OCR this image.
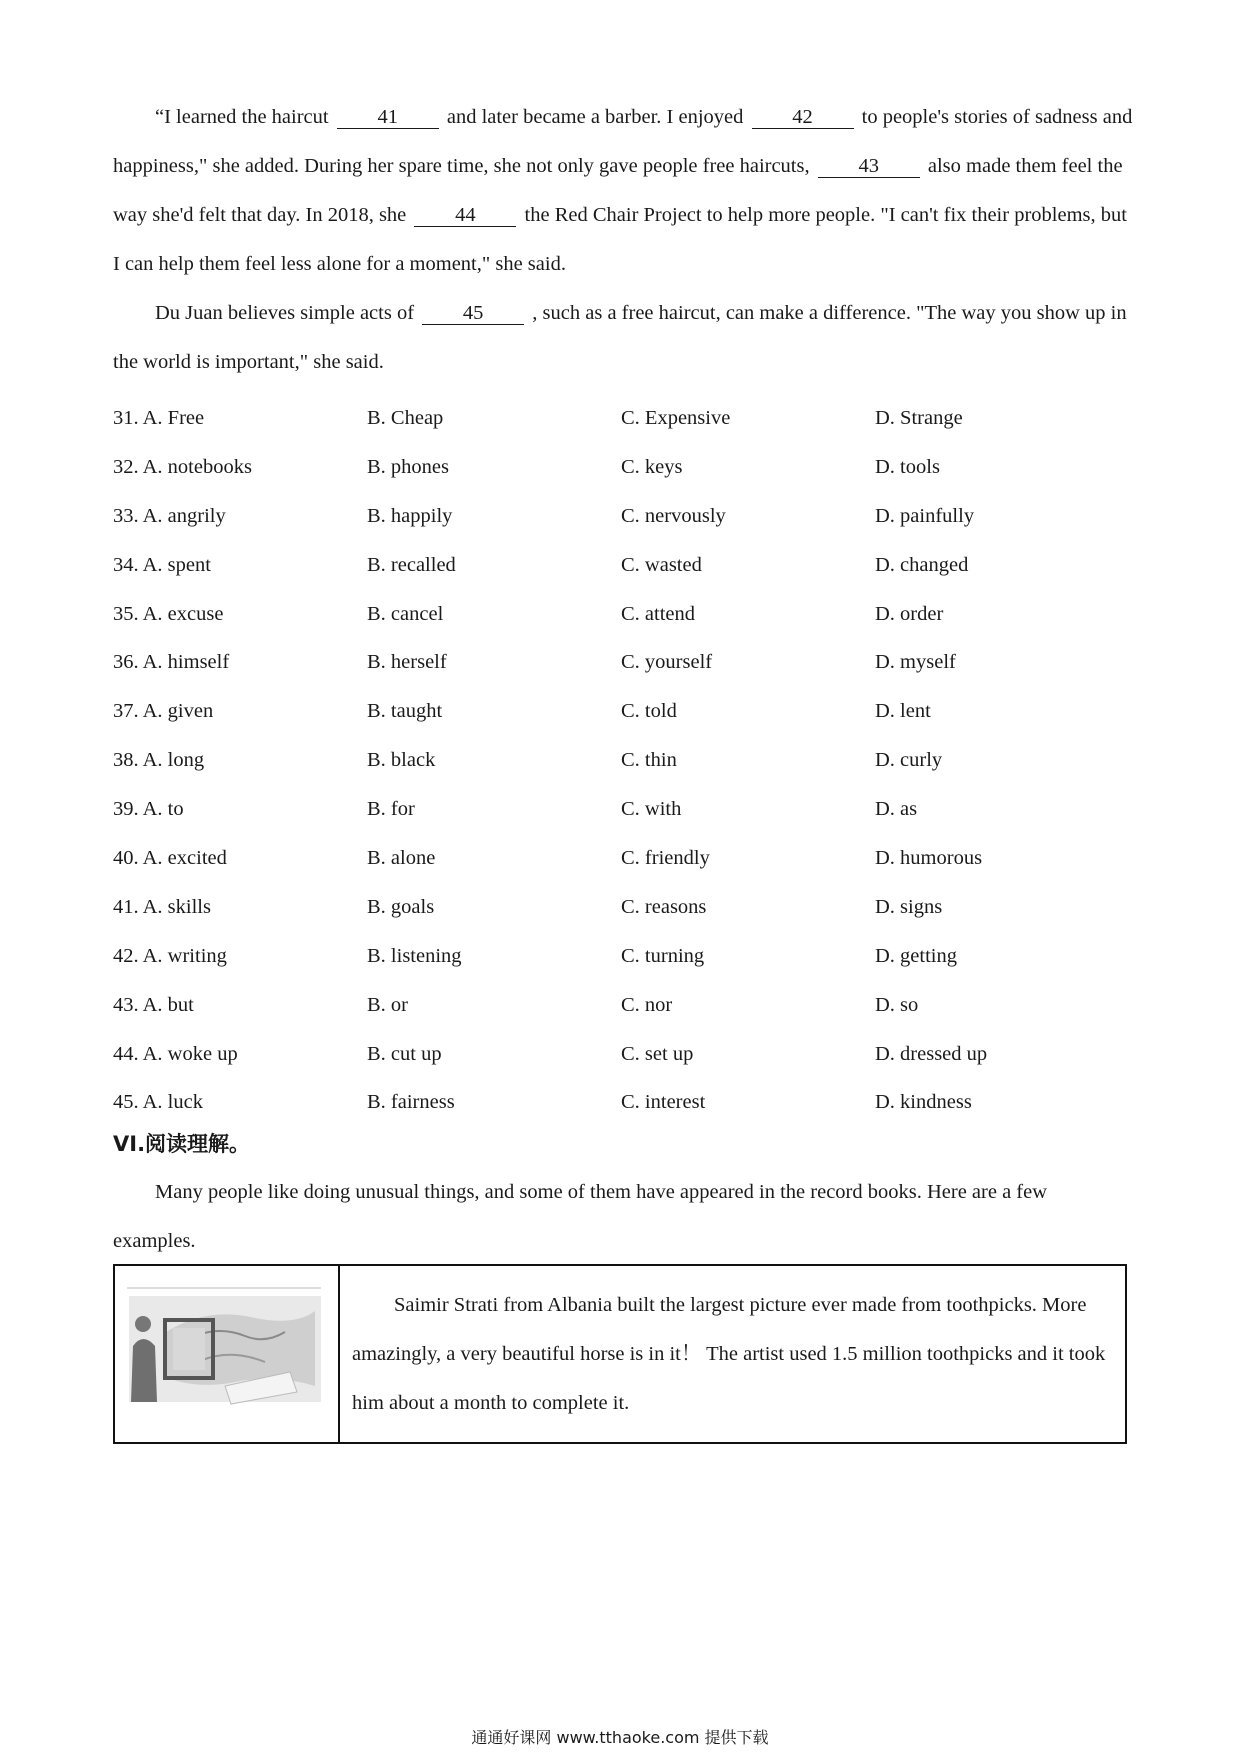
“I learned the haircut 41 and later became a barber. I enjoyed 42 to people's stories of sadness and happiness," she added. During her spare time, she not only gave people free haircuts, 43 also made them feel the way she'd felt that day. In 2018, she 44 the Red Chair Project to help more people. "I can't fix their problems, but I can help them feel less alone for a moment," she said.

Du Juan believes simple acts of 45 , such as a free haircut, can make a difference. "The way you show up in the world is important," she said.

31. A. Free	B. Cheap	C. Expensive	D. Strange
32. A. notebooks	B. phones	C. keys	D. tools
33. A. angrily	B. happily	C. nervously	D. painfully
34. A. spent	B. recalled	C. wasted	D. changed
35. A. excuse	B. cancel	C. attend	D. order
36. A. himself	B. herself	C. yourself	D. myself
37. A. given	B. taught	C. told	D. lent
38. A. long	B. black	C. thin	D. curly
39. A. to	B. for	C. with	D. as
40. A. excited	B. alone	C. friendly	D. humorous
41. A. skills	B. goals	C. reasons	D. signs
42. A. writing	B. listening	C. turning	D. getting
43. A. but	B. or	C. nor	D. so
44. A. woke up	B. cut up	C. set up	D. dressed up
45. A. luck	B. fairness	C. interest	D. kindness

VI.阅读理解。

Many people like doing unusual things, and some of them have appeared in the record books. Here are a few examples.

Saimir Strati from Albania built the largest picture ever made from toothpicks. More amazingly, a very beautiful horse is in it！ The artist used 1.5 million toothpicks and it took him about a month to complete it.
通通好课网 www.tthaoke.com 提供下载
